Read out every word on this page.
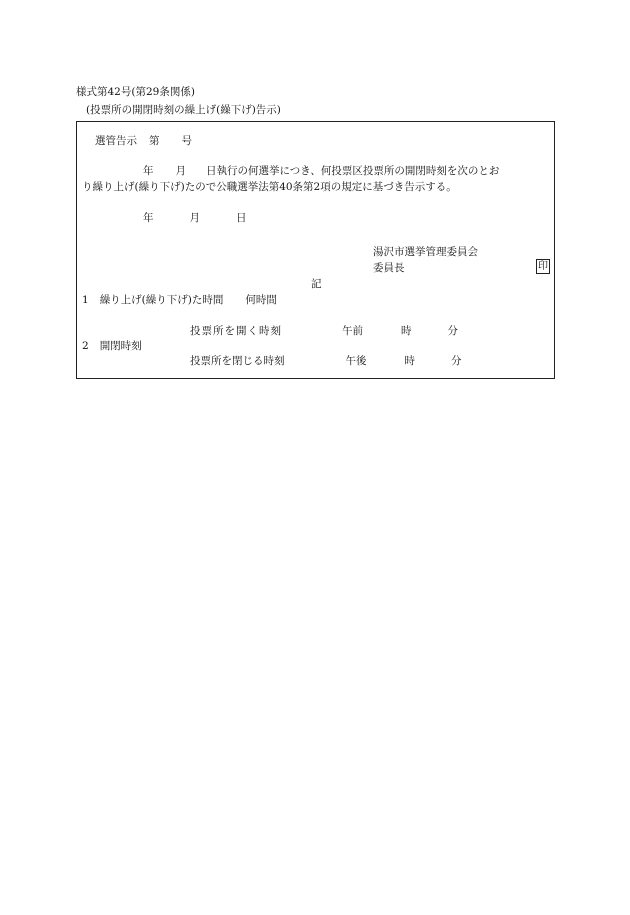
様式第42号(第29条関係)
(投票所の開閉時刻の繰上げ(繰下げ)告示)
選管告示 第 号
年 月 日執行の何選挙につき、何投票区投票所の開閉時刻を次のとお
り繰り上げ(繰り下げ)たので公職選挙法第40条第2項の規定に基づき告示する。
年	月	日
湯沢市選挙管理委員会
委員長	印
記
1 繰り上げ(繰り下げ)た時間 何時間
投票所を開く時刻	午前	時	分
2 開閉時刻
投票所を閉じる時刻	午後	時	分
